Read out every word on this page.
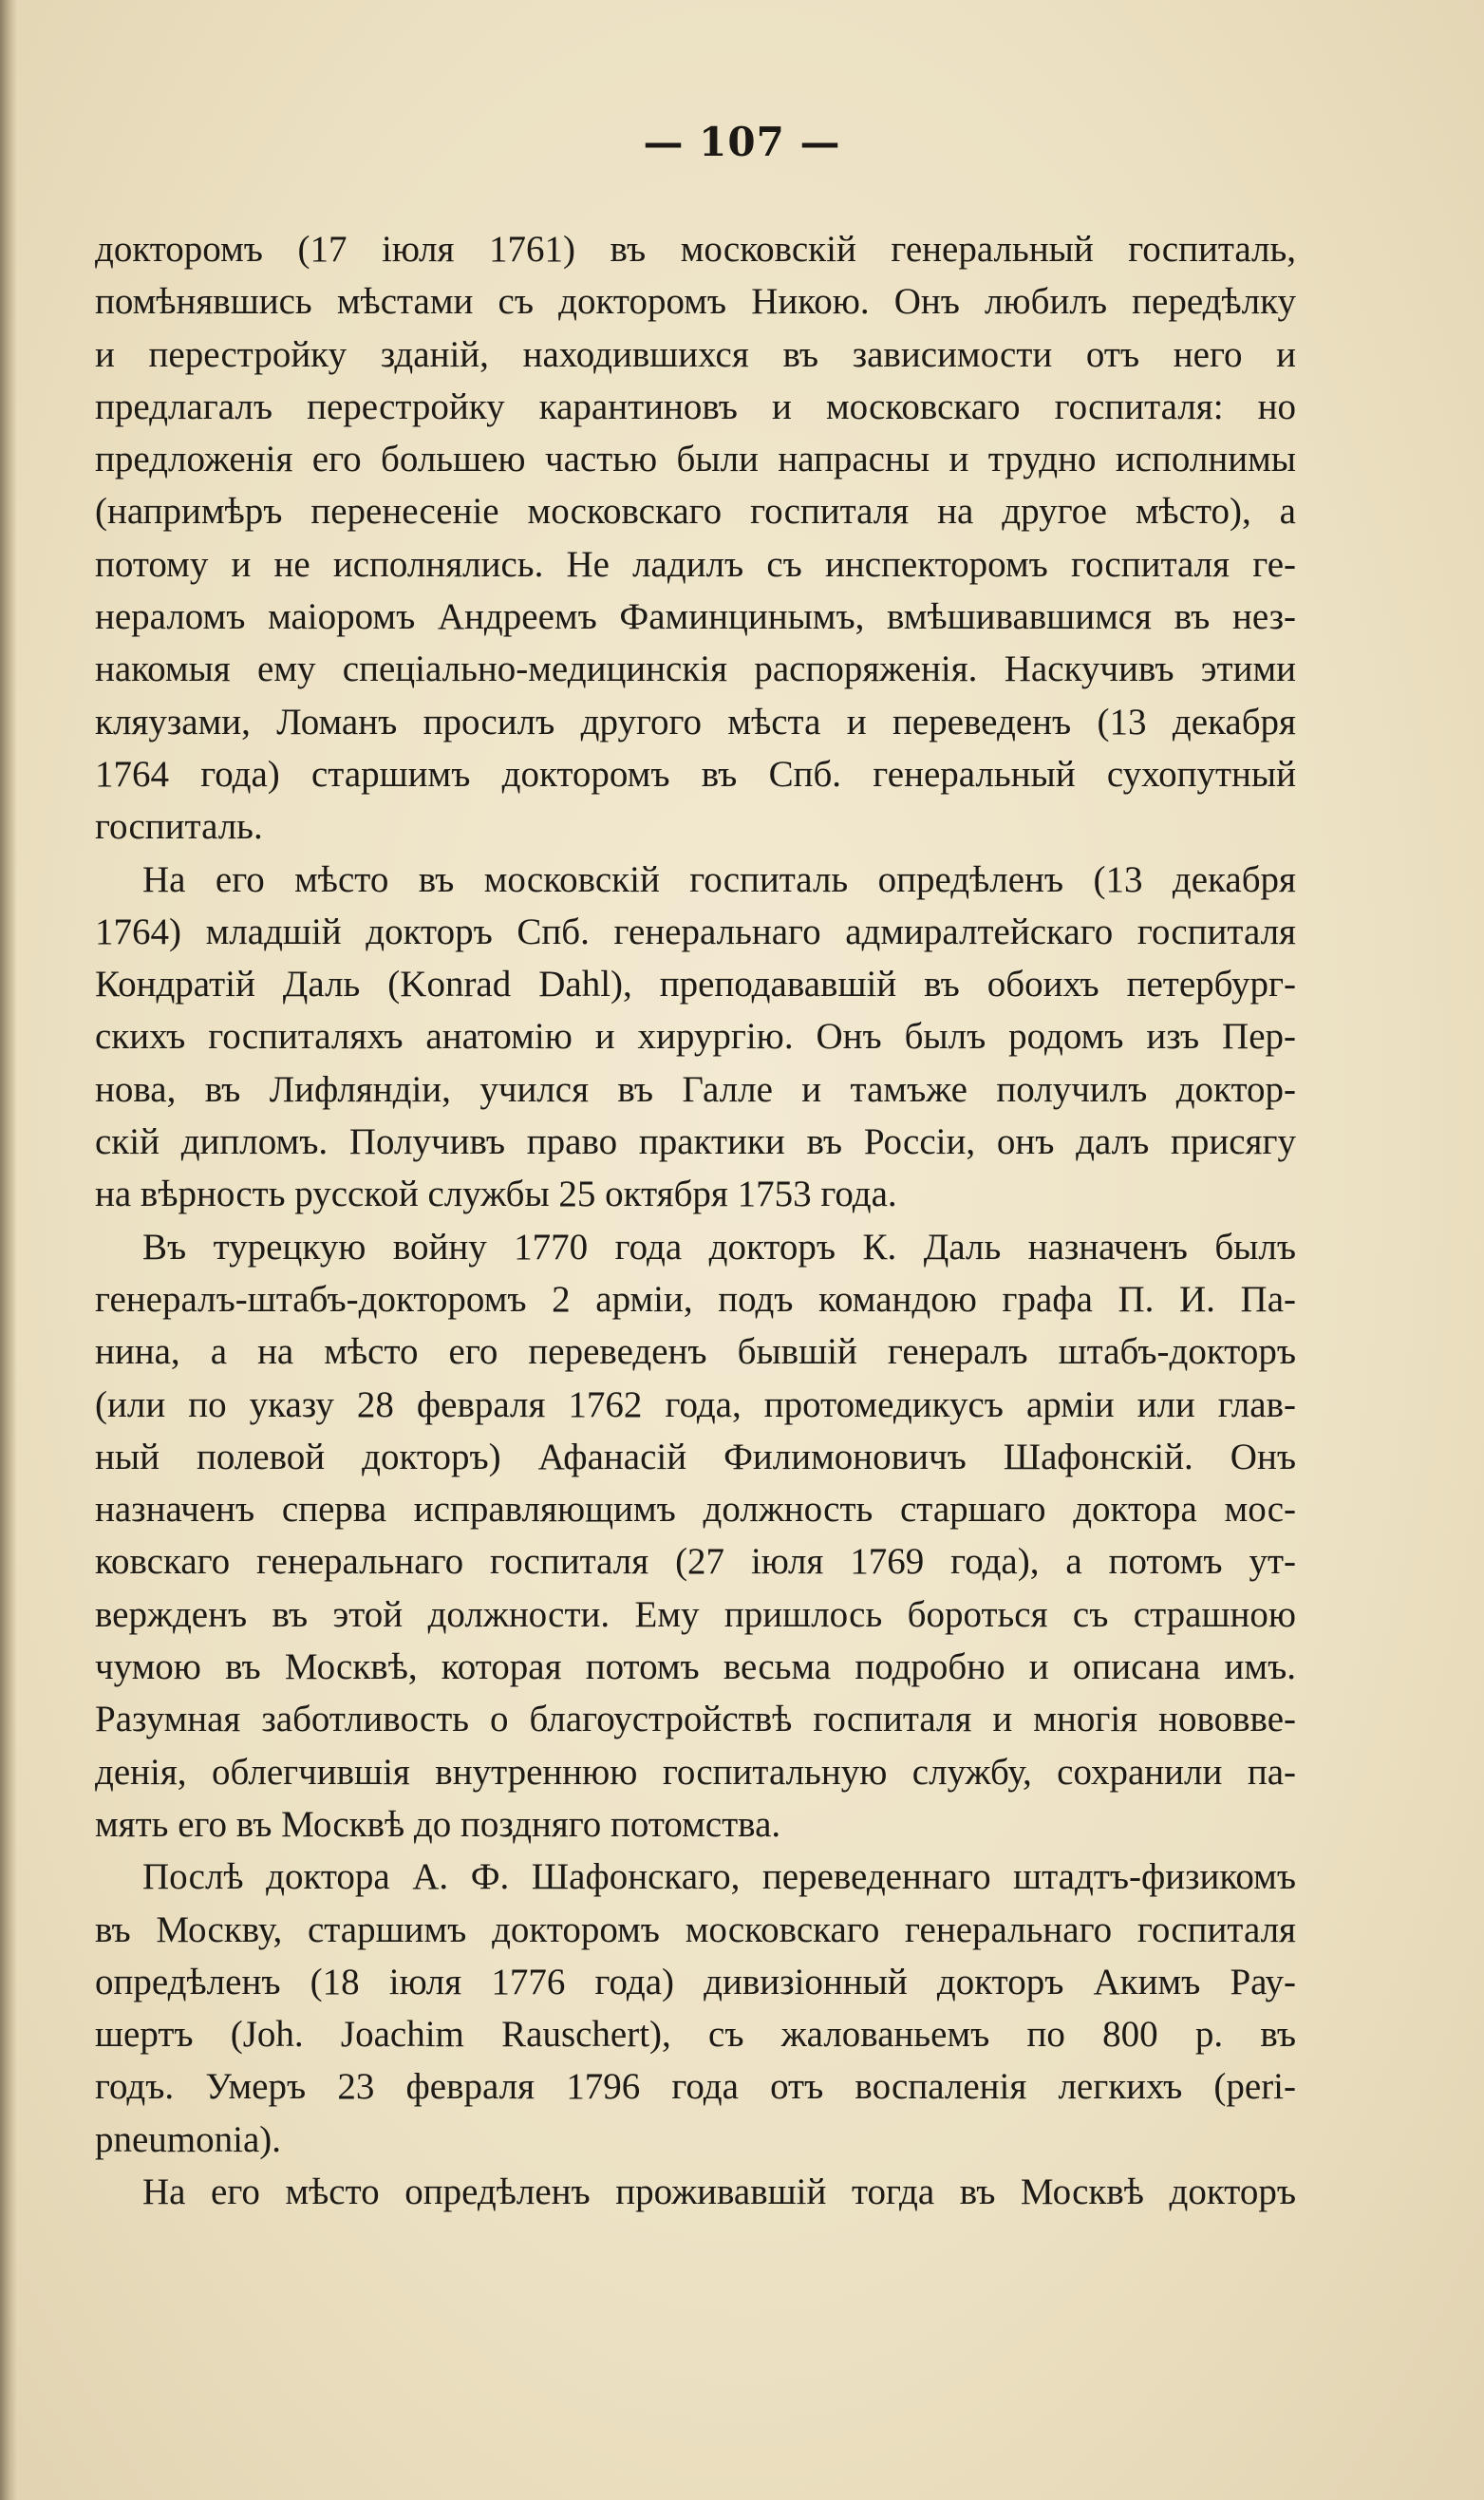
— 107 —
докторомъ (17 іюля 1761) въ московскій генеральный госпиталь,
помѣнявшись мѣстами съ докторомъ Никою. Онъ любилъ передѣлку
и перестройку зданій, находившихся въ зависимости отъ него и
предлагалъ перестройку карантиновъ и московскаго госпиталя: но
предложенія его большею частью были напрасны и трудно исполнимы
(напримѣръ перенесеніе московскаго госпиталя на другое мѣсто), а
потому и не исполнялись. Не ладилъ съ инспекторомъ госпиталя ге-
нераломъ маіоромъ Андреемъ Фаминцинымъ, вмѣшивавшимся въ нез-
накомыя ему спеціально-медицинскія распоряженія. Наскучивъ этими
кляузами, Ломанъ просилъ другого мѣста и переведенъ (13 декабря
1764 года) старшимъ докторомъ въ Спб. генеральный сухопутный
госпиталь.
На его мѣсто въ московскій госпиталь опредѣленъ (13 декабря
1764) младшій докторъ Спб. генеральнаго адмиралтейскаго госпиталя
Кондратій Даль (Konrad Dahl), преподававшій въ обоихъ петербург-
скихъ госпиталяхъ анатомію и хирургію. Онъ былъ родомъ изъ Пер-
нова, въ Лифляндіи, учился въ Галле и тамъже получилъ доктор-
скій дипломъ. Получивъ право практики въ Россіи, онъ далъ присягу
на вѣрность русской службы 25 октября 1753 года.
Въ турецкую войну 1770 года докторъ К. Даль назначенъ былъ
генералъ-штабъ-докторомъ 2 арміи, подъ командою графа П. И. Па-
нина, а на мѣсто его переведенъ бывшій генералъ штабъ-докторъ
(или по указу 28 февраля 1762 года, протомедикусъ арміи или глав-
ный полевой докторъ) Афанасій Филимоновичъ Шафонскій. Онъ
назначенъ сперва исправляющимъ должность старшаго доктора мос-
ковскаго генеральнаго госпиталя (27 іюля 1769 года), а потомъ ут-
вержденъ въ этой должности. Ему пришлось бороться съ страшною
чумою въ Москвѣ, которая потомъ весьма подробно и описана имъ.
Разумная заботливость о благоустройствѣ госпиталя и многія нововве-
денія, облегчившія внутреннюю госпитальную службу, сохранили па-
мять его въ Москвѣ до поздняго потомства.
Послѣ доктора А. Ф. Шафонскаго, переведеннаго штадтъ-физикомъ
въ Москву, старшимъ докторомъ московскаго генеральнаго госпиталя
опредѣленъ (18 іюля 1776 года) дивизіонный докторъ Акимъ Рау-
шертъ (Joh. Joachim Rauschert), съ жалованьемъ по 800 р. въ
годъ. Умеръ 23 февраля 1796 года отъ воспаленія легкихъ (peri-
pneumonia).
На его мѣсто опредѣленъ проживавшій тогда въ Москвѣ докторъ
